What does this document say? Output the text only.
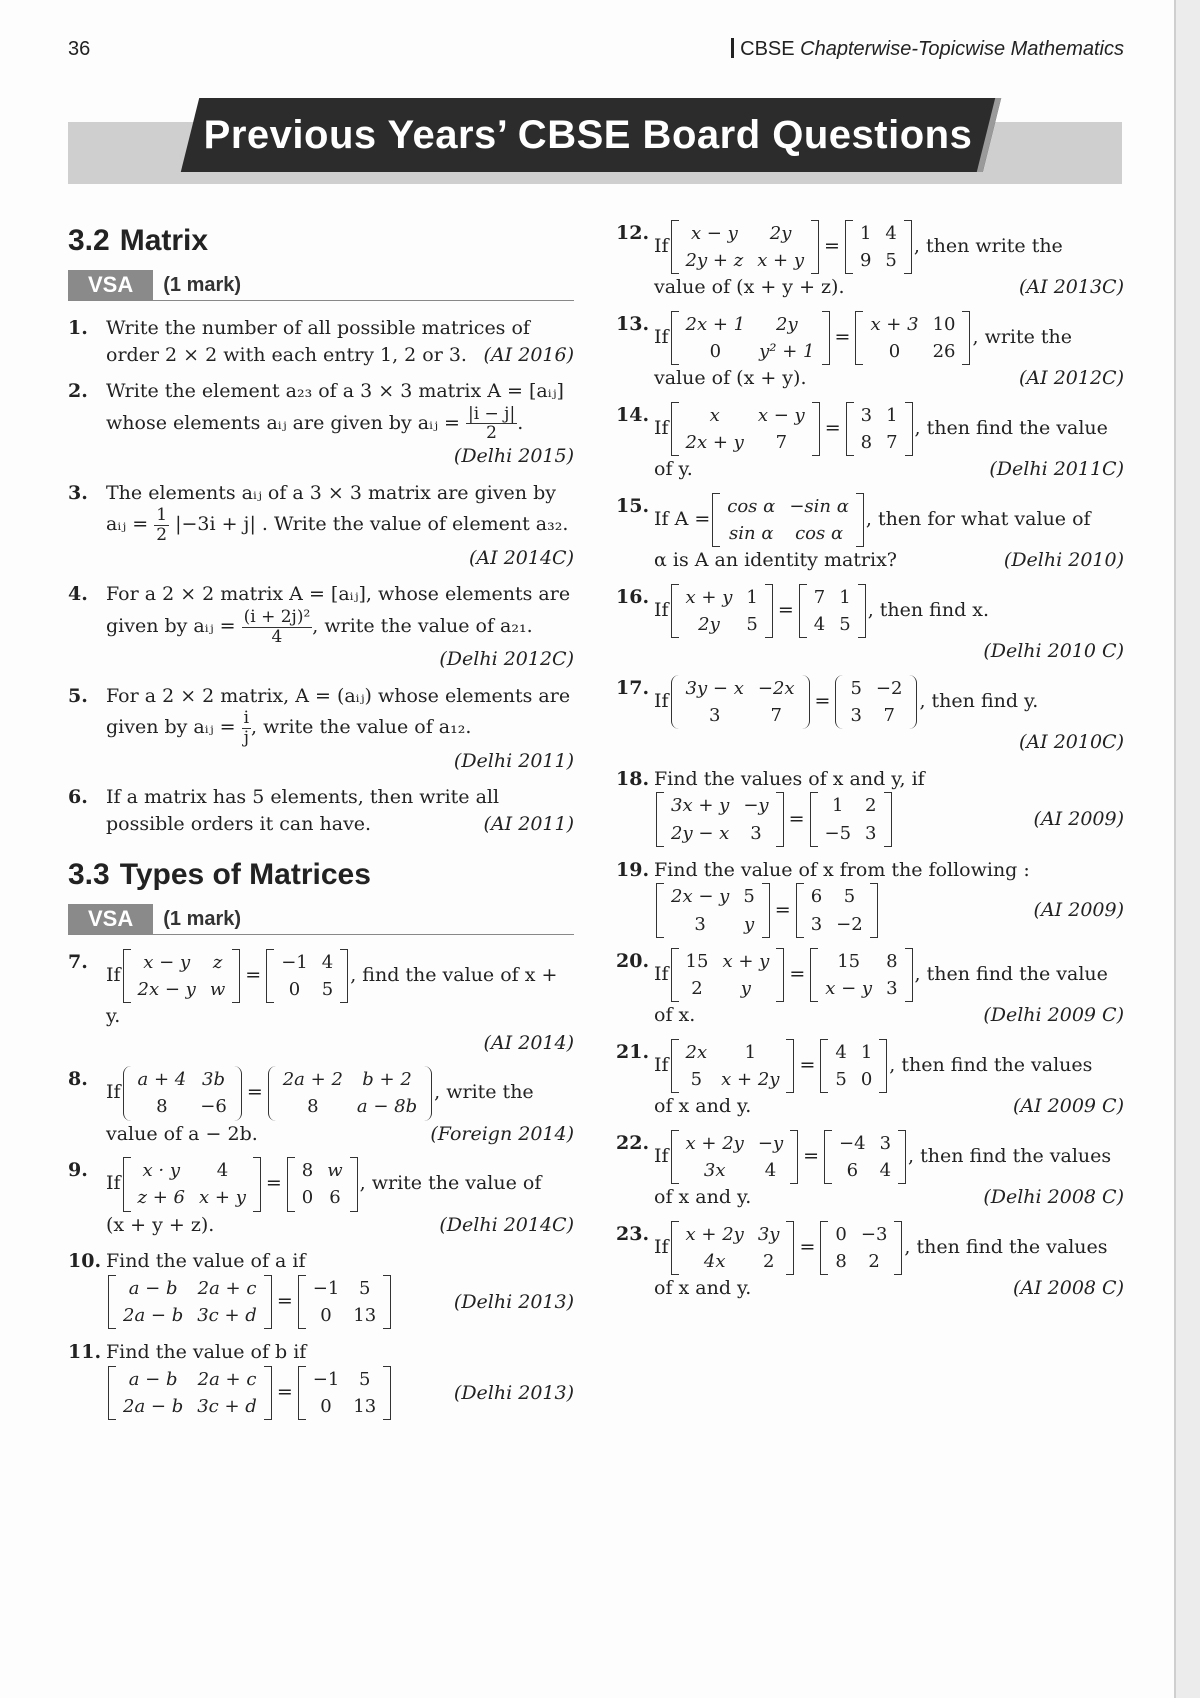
36	CBSE Chapterwise-Topicwise Mathematics
Previous Years’ CBSE Board Questions
3.2 Matrix
VSA	(1 mark)
1. Write the number of all possible matrices of order 2 × 2 with each entry 1, 2 or 3. (AI 2016)
2. Write the element a₂₃ of a 3 × 3 matrix A = [aᵢⱼ]
whose elements aᵢⱼ are given by aᵢⱼ = $\frac{|i - j|}{2}$ .
(Delhi 2015)
3. The elements aᵢⱼ of a 3 × 3 matrix are given by
aᵢⱼ = $\frac{1}{2} |-3i + j|$ . Write the value of element a₃₂.
(AI 2014C)
4. For a 2 × 2 matrix A = [aᵢⱼ], whose elements are
given by aᵢⱼ = $\frac{\text{(i + 2j)²}}{4}$ , write the value of a₂₁.
(Delhi 2012C)
5. For a 2 × 2 matrix, A = (aᵢⱼ) whose elements are
given by aᵢⱼ = $\frac{i}{j}$ , write the value of a₁₂.
(Delhi 2011)
6. If a matrix has 5 elements, then write all possible orders it can have.	(AI 2011)
3.3 Types of Matrices
VSA	(1 mark)
7.
If
x − y	z
2x − y	w
=
−1	4
0	5
, find the value of x + y.
(AI 2014)
8.
If
a + 4	3b
8	−6
=
2a + 2	b + 2
8	a − 8b
, write the
value of a − 2b.	(Foreign 2014)
9.
If
x · y	4
z + 6	x + y
=
8	w
0	6
, write the value of
(x + y + z).	(Delhi 2014C)
10. Find the value of a if
a − b	2a + c
2a − b	3c + d
=
−1	5
0	13
(Delhi 2013)
11. Find the value of b if
a − b	2a + c
2a − b	3c + d
=
−1	5
0	13
(Delhi 2013)
12.
If
x − y	2y
2y + z	x + y
=
1	4
9	5
, then write the
value of (x + y + z).	(AI 2013C)
13.
If
2x + 1	2y
0	y² + 1
=
x + 3	10
0	26
, write the
value of (x + y).	(AI 2012C)
14.
If
x	x − y
2x + y	7
=
3	1
8	7
, then find the value
of y.	(Delhi 2011C)
15.
If A =
cos α	−sin α
sin α	cos α
, then for what value of
α is A an identity matrix?	(Delhi 2010)
16.
If
x + y	1
2y	5
=
7	1
4	5
, then find x.
(Delhi 2010 C)
17.
If
3y − x	−2x
3	7
=
5	−2
3	7
, then find y.
(AI 2010C)
18. Find the values of x and y, if
3x + y	−y
2y − x	3
=
1	2
−5	3
(AI 2009)
19. Find the value of x from the following :
2x − y	5
3	y
=
6	5
3	−2
(AI 2009)
20.
If
15	x + y
2	y
=
15	8
x − y	3
, then find the value
of x.	(Delhi 2009 C)
21.
If
2x	1
5	x + 2y
=
4	1
5	0
, then find the values
of x and y.	(AI 2009 C)
22.
If
x + 2y	−y
3x	4
=
−4	3
6	4
, then find the values
of x and y.	(Delhi 2008 C)
23.
If
x + 2y	3y
4x	2
=
0	−3
8	2
, then find the values
of x and y.	(AI 2008 C)
